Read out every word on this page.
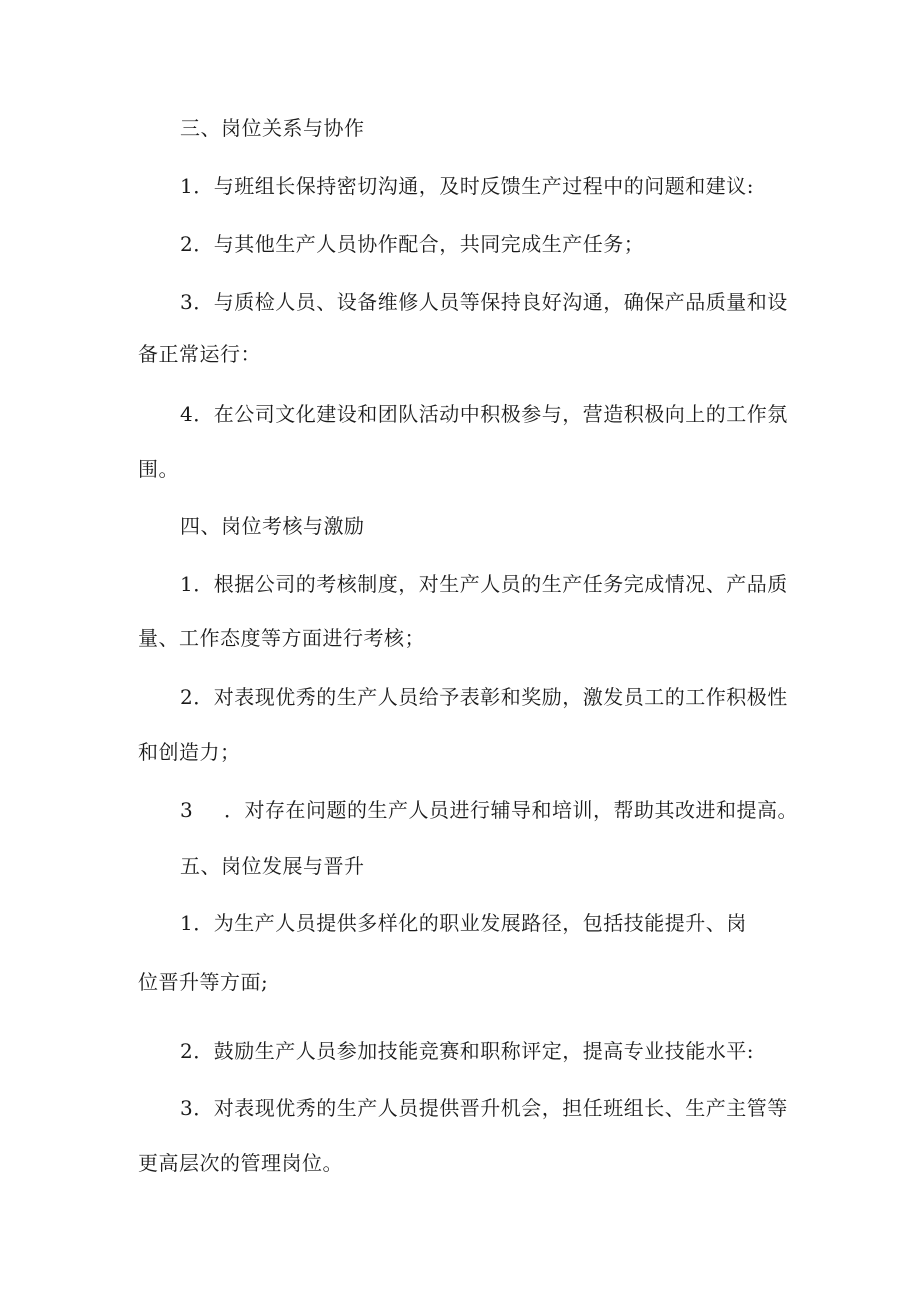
三、岗位关系与协作
1．与班组长保持密切沟通，及时反馈生产过程中的问题和建议:
2．与其他生产人员协作配合，共同完成生产任务；
3．与质检人员、设备维修人员等保持良好沟通，确保产品质量和设
备正常运行：
4．在公司文化建设和团队活动中积极参与，营造积极向上的工作氛
围。
四、岗位考核与激励
1．根据公司的考核制度，对生产人员的生产任务完成情况、产品质
量、工作态度等方面进行考核；
2．对表现优秀的生产人员给予表彰和奖励，激发员工的工作积极性
和创造力；
3 ．对存在问题的生产人员进行辅导和培训，帮助其改进和提高。
五、岗位发展与晋升
1．为生产人员提供多样化的职业发展路径，包括技能提升、岗
位晋升等方面;
2．鼓励生产人员参加技能竞赛和职称评定，提高专业技能水平:
3．对表现优秀的生产人员提供晋升机会，担任班组长、生产主管等
更高层次的管理岗位。
